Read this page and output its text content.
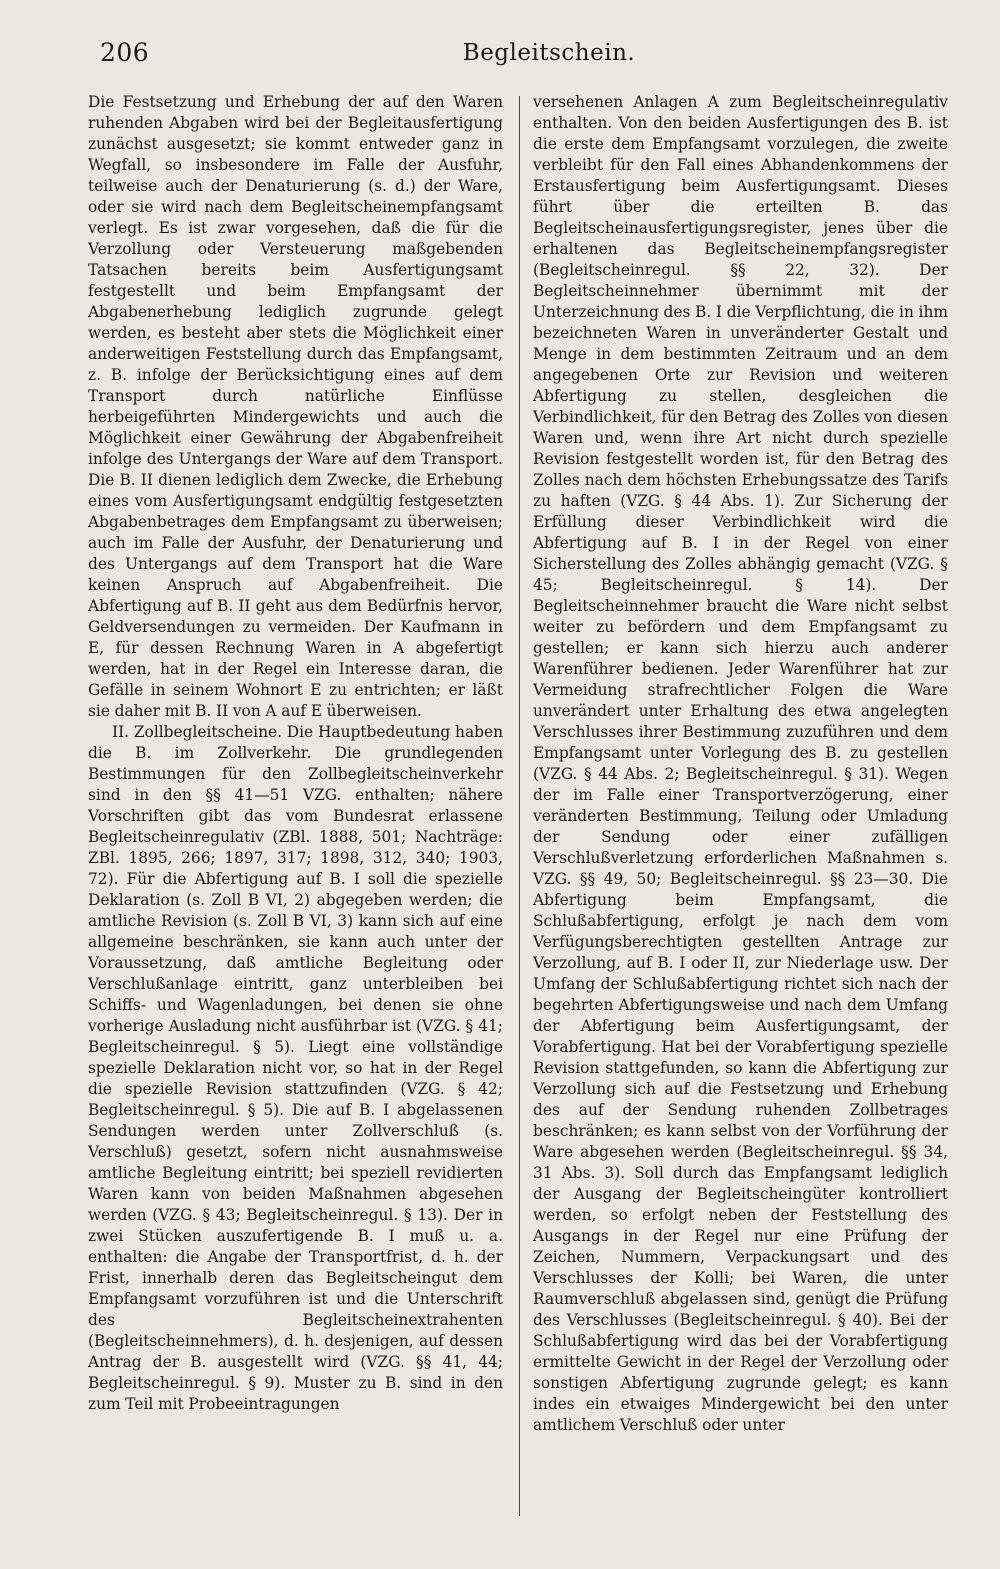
206	Begleitschein.

Die Festsetzung und Erhebung der auf den Waren ruhenden Abgaben wird bei der Begleitausfertigung zunächst ausgesetzt; sie kommt entweder ganz in Wegfall, so insbesondere im Falle der Ausfuhr, teilweise auch der Denaturierung (s. d.) der Ware, oder sie wird nach dem Begleitscheinempfangsamt verlegt. Es ist zwar vorgesehen, daß die für die Verzollung oder Versteuerung maßgebenden Tatsachen bereits beim Ausfertigungsamt festgestellt und beim Empfangsamt der Abgabenerhebung lediglich zugrunde gelegt werden, es besteht aber stets die Möglichkeit einer anderweitigen Feststellung durch das Empfangsamt, z. B. infolge der Berücksichtigung eines auf dem Transport durch natürliche Einflüsse herbeigeführten Mindergewichts und auch die Möglichkeit einer Gewährung der Abgabenfreiheit infolge des Untergangs der Ware auf dem Transport. Die B. II dienen lediglich dem Zwecke, die Erhebung eines vom Ausfertigungsamt endgültig festgesetzten Abgabenbetrages dem Empfangsamt zu überweisen; auch im Falle der Ausfuhr, der Denaturierung und des Untergangs auf dem Transport hat die Ware keinen Anspruch auf Abgabenfreiheit. Die Abfertigung auf B. II geht aus dem Bedürfnis hervor, Geldversendungen zu vermeiden. Der Kaufmann in E, für dessen Rechnung Waren in A abgefertigt werden, hat in der Regel ein Interesse daran, die Gefälle in seinem Wohnort E zu entrichten; er läßt sie daher mit B. II von A auf E überweisen.

II. Zollbegleitscheine. Die Hauptbedeutung haben die B. im Zollverkehr. Die grundlegenden Bestimmungen für den Zollbegleitscheinverkehr sind in den §§ 41—51 VZG. enthalten; nähere Vorschriften gibt das vom Bundesrat erlassene Begleitscheinregulativ (ZBl. 1888, 501; Nachträge: ZBl. 1895, 266; 1897, 317; 1898, 312, 340; 1903, 72). Für die Abfertigung auf B. I soll die spezielle Deklaration (s. Zoll B VI, 2) abgegeben werden; die amtliche Revision (s. Zoll B VI, 3) kann sich auf eine allgemeine beschränken, sie kann auch unter der Voraussetzung, daß amtliche Begleitung oder Verschlußanlage eintritt, ganz unterbleiben bei Schiffs- und Wagenladungen, bei denen sie ohne vorherige Ausladung nicht ausführbar ist (VZG. § 41; Begleitscheinregul. § 5). Liegt eine vollständige spezielle Deklaration nicht vor, so hat in der Regel die spezielle Revision stattzufinden (VZG. § 42; Begleitscheinregul. § 5). Die auf B. I abgelassenen Sendungen werden unter Zollverschluß (s. Verschluß) gesetzt, sofern nicht ausnahmsweise amtliche Begleitung eintritt; bei speziell revidierten Waren kann von beiden Maßnahmen abgesehen werden (VZG. § 43; Begleitscheinregul. § 13). Der in zwei Stücken auszufertigende B. I muß u. a. enthalten: die Angabe der Transportfrist, d. h. der Frist, innerhalb deren das Begleitscheingut dem Empfangsamt vorzuführen ist und die Unterschrift des Begleitscheinextrahenten (Begleitscheinnehmers), d. h. desjenigen, auf dessen Antrag der B. ausgestellt wird (VZG. §§ 41, 44; Begleitscheinregul. § 9). Muster zu B. sind in den zum Teil mit Probeeintragungen

versehenen Anlagen A zum Begleitscheinregulativ enthalten. Von den beiden Ausfertigungen des B. ist die erste dem Empfangsamt vorzulegen, die zweite verbleibt für den Fall eines Abhandenkommens der Erstausfertigung beim Ausfertigungsamt. Dieses führt über die erteilten B. das Begleitscheinausfertigungsregister, jenes über die erhaltenen das Begleitscheinempfangsregister (Begleitscheinregul. §§ 22, 32). Der Begleitscheinnehmer übernimmt mit der Unterzeichnung des B. I die Verpflichtung, die in ihm bezeichneten Waren in unveränderter Gestalt und Menge in dem bestimmten Zeitraum und an dem angegebenen Orte zur Revision und weiteren Abfertigung zu stellen, desgleichen die Verbindlichkeit, für den Betrag des Zolles von diesen Waren und, wenn ihre Art nicht durch spezielle Revision festgestellt worden ist, für den Betrag des Zolles nach dem höchsten Erhebungssatze des Tarifs zu haften (VZG. § 44 Abs. 1). Zur Sicherung der Erfüllung dieser Verbindlichkeit wird die Abfertigung auf B. I in der Regel von einer Sicherstellung des Zolles abhängig gemacht (VZG. § 45; Begleitscheinregul. § 14). Der Begleitscheinnehmer braucht die Ware nicht selbst weiter zu befördern und dem Empfangsamt zu gestellen; er kann sich hierzu auch anderer Warenführer bedienen. Jeder Warenführer hat zur Vermeidung strafrechtlicher Folgen die Ware unverändert unter Erhaltung des etwa angelegten Verschlusses ihrer Bestimmung zuzuführen und dem Empfangsamt unter Vorlegung des B. zu gestellen (VZG. § 44 Abs. 2; Begleitscheinregul. § 31). Wegen der im Falle einer Transportverzögerung, einer veränderten Bestimmung, Teilung oder Umladung der Sendung oder einer zufälligen Verschlußverletzung erforderlichen Maßnahmen s. VZG. §§ 49, 50; Begleitscheinregul. §§ 23—30. Die Abfertigung beim Empfangsamt, die Schlußabfertigung, erfolgt je nach dem vom Verfügungsberechtigten gestellten Antrage zur Verzollung, auf B. I oder II, zur Niederlage usw. Der Umfang der Schlußabfertigung richtet sich nach der begehrten Abfertigungsweise und nach dem Umfang der Abfertigung beim Ausfertigungsamt, der Vorabfertigung. Hat bei der Vorabfertigung spezielle Revision stattgefunden, so kann die Abfertigung zur Verzollung sich auf die Festsetzung und Erhebung des auf der Sendung ruhenden Zollbetrages beschränken; es kann selbst von der Vorführung der Ware abgesehen werden (Begleitscheinregul. §§ 34, 31 Abs. 3). Soll durch das Empfangsamt lediglich der Ausgang der Begleitscheingüter kontrolliert werden, so erfolgt neben der Feststellung des Ausgangs in der Regel nur eine Prüfung der Zeichen, Nummern, Verpackungsart und des Verschlusses der Kolli; bei Waren, die unter Raumverschluß abgelassen sind, genügt die Prüfung des Verschlusses (Begleitscheinregul. § 40). Bei der Schlußabfertigung wird das bei der Vorabfertigung ermittelte Gewicht in der Regel der Verzollung oder sonstigen Abfertigung zugrunde gelegt; es kann indes ein etwaiges Mindergewicht bei den unter amtlichem Verschluß oder unter
